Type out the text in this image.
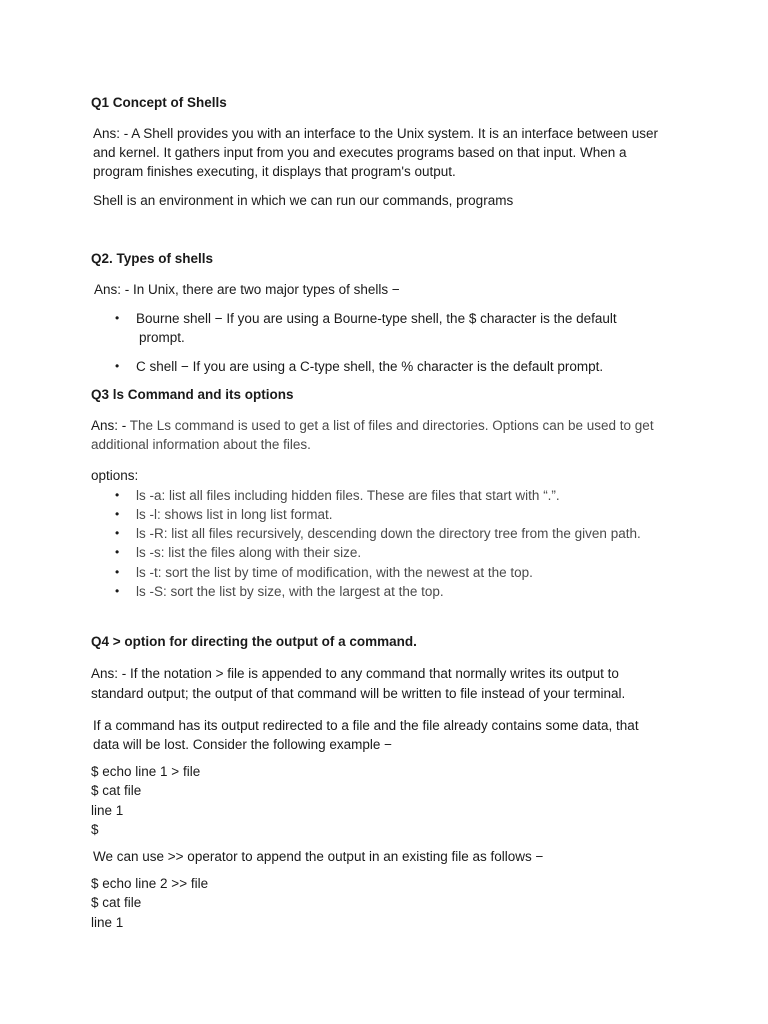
Q1 Concept of Shells
Ans: - A Shell provides you with an interface to the Unix system. It is an interface between user
and kernel. It gathers input from you and executes programs based on that input. When a
program finishes executing, it displays that program's output.
Shell is an environment in which we can run our commands, programs
Q2. Types of shells
Ans: - In Unix, there are two major types of shells −
• Bourne shell − If you are using a Bourne-type shell, the $ character is the default
prompt.
• C shell − If you are using a C-type shell, the % character is the default prompt.
Q3 ls Command and its options
Ans: - The Ls command is used to get a list of files and directories. Options can be used to get
additional information about the files.
options:
• ls -a: list all files including hidden files. These are files that start with “.”.
• ls -l: shows list in long list format.
• ls -R: list all files recursively, descending down the directory tree from the given path.
• ls -s: list the files along with their size.
• ls -t: sort the list by time of modification, with the newest at the top.
• ls -S: sort the list by size, with the largest at the top.
Q4 > option for directing the output of a command.
Ans: - If the notation > file is appended to any command that normally writes its output to
standard output; the output of that command will be written to file instead of your terminal.
If a command has its output redirected to a file and the file already contains some data, that
data will be lost. Consider the following example −
$ echo line 1 > file
$ cat file
line 1
$
We can use >> operator to append the output in an existing file as follows −
$ echo line 2 >> file
$ cat file
line 1
